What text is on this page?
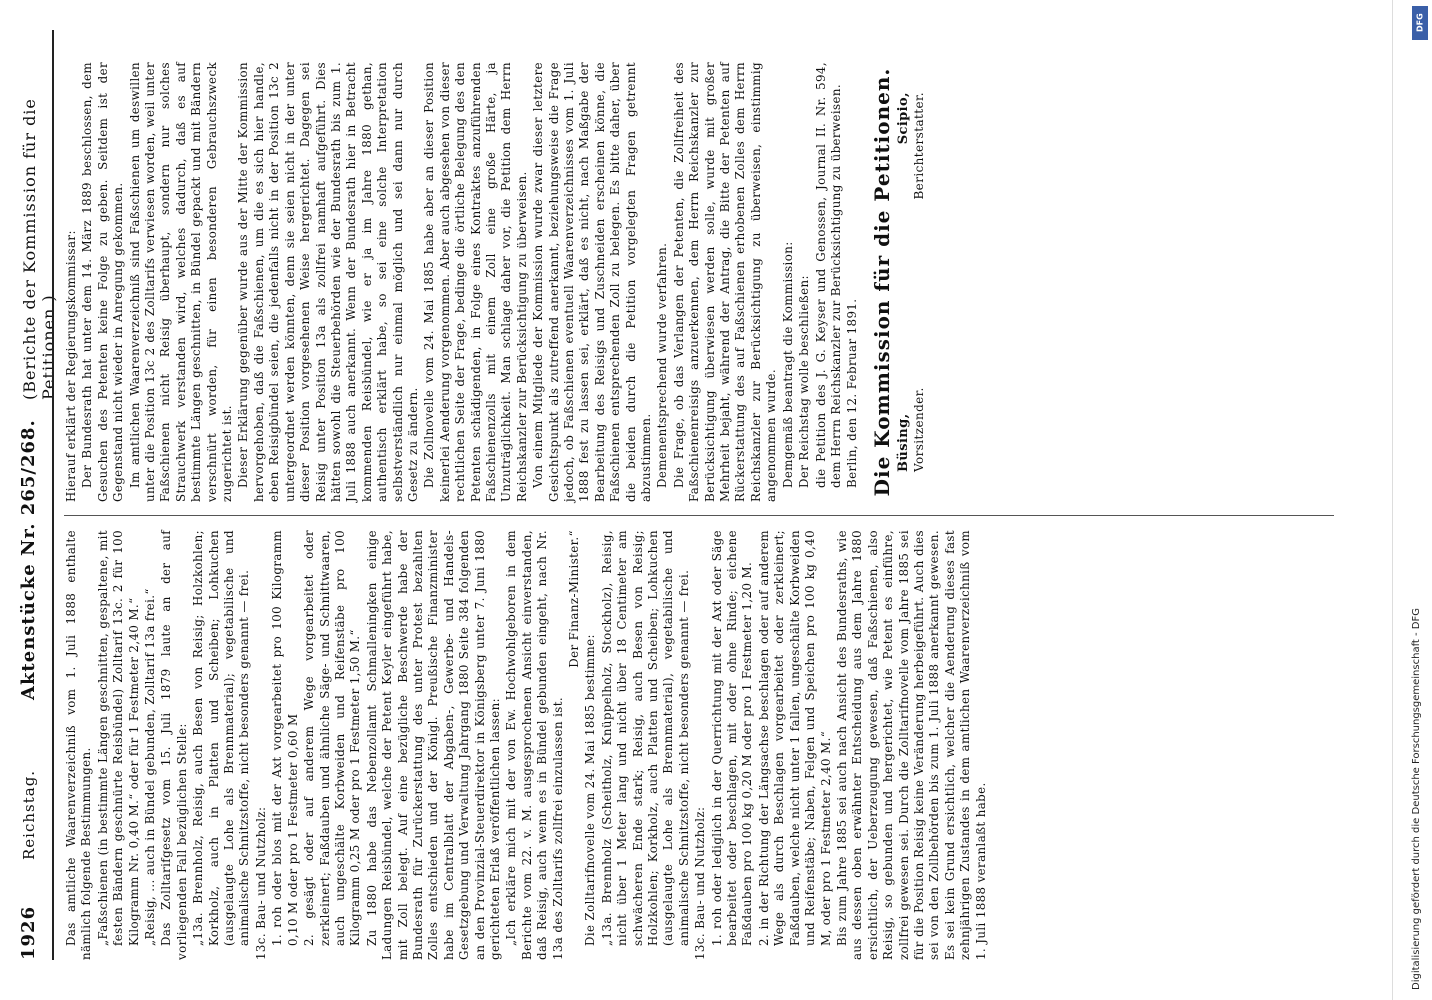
1926
Reichstag.
Aktenstücke Nr. 265/268.
(Berichte der Kommission für die Petitionen.)

Das amtliche Waarenverzeichniß vom 1. Juli 1888 enthalte nämlich folgende Bestimmungen. „Faßschienen (in bestimmte Längen geschnitten, gespaltene, mit festen Bändern geschnürte Reisbündel) Zolltarif 13c. 2 für 100 Kilogramm Nr. 0,40 M.“ oder für 1 Festmeter 2,40 M.“ „Reisig, ... auch in Bündel gebunden, Zolltarif 13a frei.“ Das Zolltarifgesetz vom 15. Juli 1879 laute an der auf vorliegenden Fall bezüglichen Stelle: „13a. Brennholz, Reisig, auch Besen von Reisig; Holzkohlen; Korkholz, auch in Platten und Scheiben; Lohkuchen (ausgelaugte Lohe als Brennmaterial); vegetabilische und animalische Schnitzstoffe, nicht besonders genannt — frei. 13c. Bau- und Nutzholz: 1. roh oder blos mit der Axt vorgearbeitet pro 100 Kilogramm 0,10 M oder pro 1 Festmeter 0,60 M 2. gesägt oder auf anderem Wege vorgearbeitet oder zerkleinert; Faßdauben und ähnliche Säge- und Schnittwaaren, auch ungeschälte Korbweiden und Reifenstäbe pro 100 Kilogramm 0,25 M oder pro 1 Festmeter 1,50 M.“ Zu 1880 habe das Nebenzollamt Schmalleningken einige Ladungen Reisbündel, welche der Petent Keyler eingeführt habe, mit Zoll belegt. Auf eine bezügliche Beschwerde habe der Bundesrath für Zurückerstattung des unter Protest bezahlten Zolles entschieden und der Königl. Preußische Finanzminister habe im Centralblatt der Abgaben-, Gewerbe- und Handels-Gesetzgebung und Verwaltung Jahrgang 1880 Seite 384 folgenden an den Provinzial-Steuerdirektor in Königsberg unter 7. Juni 1880 gerichteten Erlaß veröffentlichen lassen: „Ich erkläre mich mit der von Ew. Hochwohlgeboren in dem Berichte vom 22. v. M. ausgesprochenen Ansicht einverstanden, daß Reisig, auch wenn es in Bündel gebunden eingeht, nach Nr. 13a des Zolltarifs zollfrei einzulassen ist.

Der Finanz-Minister.“

Die Zolltarifnovelle vom 24. Mai 1885 bestimme: „13a. Brennholz (Scheitholz, Knüppelholz, Stockholz), Reisig, nicht über 1 Meter lang und nicht über 18 Centimeter am schwächeren Ende stark; Reisig, auch Besen von Reisig; Holzkohlen; Korkholz, auch Platten und Scheiben; Lohkuchen (ausgelaugte Lohe als Brennmaterial), vegetabilische und animalische Schnitzstoffe, nicht besonders genannt — frei. 13c. Bau- und Nutzholz: 1. roh oder lediglich in der Querrichtung mit der Axt oder Säge bearbeitet oder beschlagen, mit oder ohne Rinde; eichene Faßdauben pro 100 kg 0,20 M oder pro 1 Festmeter 1,20 M. 2. in der Richtung der Längsachse beschlagen oder auf anderem Wege als durch Beschlagen vorgearbeitet oder zerkleinert; Faßdauben, welche nicht unter 1 fallen, ungeschälte Korbweiden und Reifenstäbe; Naben, Felgen und Speichen pro 100 kg 0,40 M, oder pro 1 Festmeter 2,40 M.“ Bis zum Jahre 1885 sei auch nach Ansicht des Bundesraths, wie aus dessen oben erwähnter Entscheidung aus dem Jahre 1880 ersichtlich, der Ueberzeugung gewesen, daß Faßschienen, also Reisig, so gebunden und hergerichtet, wie Petent es einführe, zollfrei gewesen sei. Durch die Zolltarifnovelle vom Jahre 1885 sei für die Position Reisig keine Veränderung herbeigeführt. Auch dies sei von den Zollbehörden bis zum 1. Juli 1888 anerkannt gewesen. Es sei kein Grund ersichtlich, welcher die Aenderung dieses fast zehnjährigen Zustandes in dem amtlichen Waarenverzeichniß vom 1. Juli 1888 veranlaßt habe.

Hierauf erklärt der Regierungskommissar: Der Bundesrath hat unter dem 14. März 1889 beschlossen, dem Gesuchen des Petenten keine Folge zu geben. Seitdem ist der Gegenstand nicht wieder in Anregung gekommen. Im amtlichen Waarenverzeichniß sind Faßschienen um deswillen unter die Position 13c 2 des Zolltarifs verwiesen worden, weil unter Faßschienen nicht Reisig überhaupt, sondern nur solches Strauchwerk verstanden wird, welches dadurch, daß es auf bestimmte Längen geschnitten, in Bündel gepackt und mit Bändern verschnürt worden, für einen besonderen Gebrauchszweck zugerichtet ist. Dieser Erklärung gegenüber wurde aus der Mitte der Kommission hervorgehoben, daß die Faßschienen, um die es sich hier handle, eben Reisigbündel seien, die jedenfalls nicht in der Position 13c 2 untergeordnet werden könnten, denn sie seien nicht in der unter dieser Position vorgesehenen Weise hergerichtet. Dagegen sei Reisig unter Position 13a als zollfrei namhaft aufgeführt. Dies hätten sowohl die Steuerbehörden wie der Bundesrath bis zum 1. Juli 1888 auch anerkannt. Wenn der Bundesrath hier in Betracht kommenden Reisbündel, wie er ja im Jahre 1880 gethan, authentisch erklärt habe, so sei eine solche Interpretation selbstverständlich nur einmal möglich und sei dann nur durch Gesetz zu ändern. Die Zollnovelle vom 24. Mai 1885 habe aber an dieser Position keinerlei Aenderung vorgenommen. Aber auch abgesehen von dieser rechtlichen Seite der Frage, bedinge die örtliche Belegung des den Petenten schädigenden, in Folge eines Kontraktes anzuführenden Faßschienenzolls mit einem Zoll eine große Härte, ja Unzuträglichkeit. Man schlage daher vor, die Petition dem Herrn Reichskanzler zur Berücksichtigung zu überweisen. Von einem Mitgliede der Kommission wurde zwar dieser letztere Gesichtspunkt als zutreffend anerkannt, beziehungsweise die Frage jedoch, ob Faßschienen eventuell Waarenverzeichnisses vom 1. Juli 1888 fest zu lassen sei, erklärt, daß es nicht, nach Maßgabe der Bearbeitung des Reisigs und Zuschneiden erscheinen könne, die Faßschienen entsprechenden Zoll zu belegen. Es bitte daher, über die beiden durch die Petition vorgelegten Fragen getrennt abzustimmen. Demenentsprechend wurde verfahren. Die Frage, ob das Verlangen der Petenten, die Zollfreiheit des Faßschienenreisigs anzuerkennen, dem Herrn Reichskanzler zur Berücksichtigung überwiesen werden solle, wurde mit großer Mehrheit bejaht, während der Antrag, die Bitte der Petenten auf Rückerstattung des auf Faßschienen erhobenen Zolles dem Herrn Reichskanzler zur Berücksichtigung zu überweisen, einstimmig angenommen wurde. Demgemäß beantragt die Kommission: Der Reichstag wolle beschließen: die Petition des J. G. Keyser und Genossen, Journal II. Nr. 594, dem Herrn Reichskanzler zur Berücksichtigung zu überweisen. Berlin, den 12. Februar 1891. Die Kommission für die Petitionen. Büsing,
Scipio,
Vorsitzender.
Berichterstatter.
DFG
Digitalisierung gefördert durch die Deutsche Forschungsgemeinschaft - DFG
